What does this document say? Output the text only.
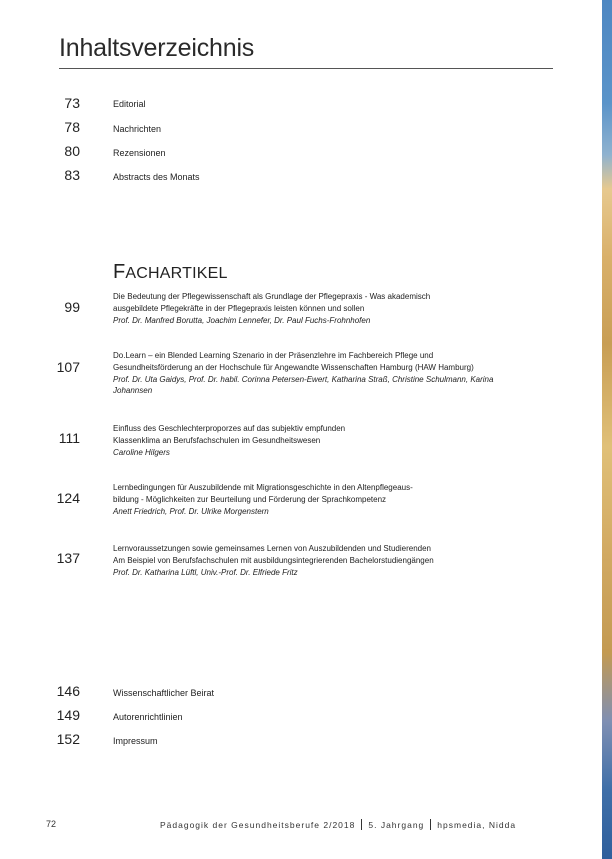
Inhaltsverzeichnis
73	Editorial
78	Nachrichten
80	Rezensionen
83	Abstracts des Monats
FACHARTIKEL
99
Die Bedeutung der Pflegewissenschaft als Grundlage der Pflegepraxis - Was akademisch
ausgebildete Pflegekräfte in der Pflegepraxis leisten können und sollen
Prof. Dr. Manfred Borutta, Joachim Lennefer, Dr. Paul Fuchs-Frohnhofen
107
Do.Learn – ein Blended Learning Szenario in der Präsenzlehre im Fachbereich Pflege und
Gesundheitsförderung an der Hochschule für Angewandte Wissenschaften Hamburg (HAW Hamburg)
Prof. Dr. Uta Gaidys, Prof. Dr. habil. Corinna Petersen-Ewert, Katharina Straß, Christine Schulmann, Karina
Johannsen
111
Einfluss des Geschlechterproporzes auf das subjektiv empfunden
Klassenklima an Berufsfachschulen im Gesundheitswesen
Caroline Hilgers
124
Lernbedingungen für Auszubildende mit Migrationsgeschichte in den Altenpflegeaus-
bildung - Möglichkeiten zur Beurteilung und Förderung der Sprachkompetenz
Anett Friedrich, Prof. Dr. Ulrike Morgenstern
137
Lernvoraussetzungen sowie gemeinsames Lernen von Auszubildenden und Studierenden
Am Beispiel von Berufsfachschulen mit ausbildungsintegrierenden Bachelorstudiengängen
Prof. Dr. Katharina Lüftl, Univ.-Prof. Dr. Elfriede Fritz
146	Wissenschaftlicher Beirat
149	Autorenrichtlinien
152	Impressum
72	Pädagogik der Gesundheitsberufe 2/2018 5. Jahrgang hpsmedia, Nidda
